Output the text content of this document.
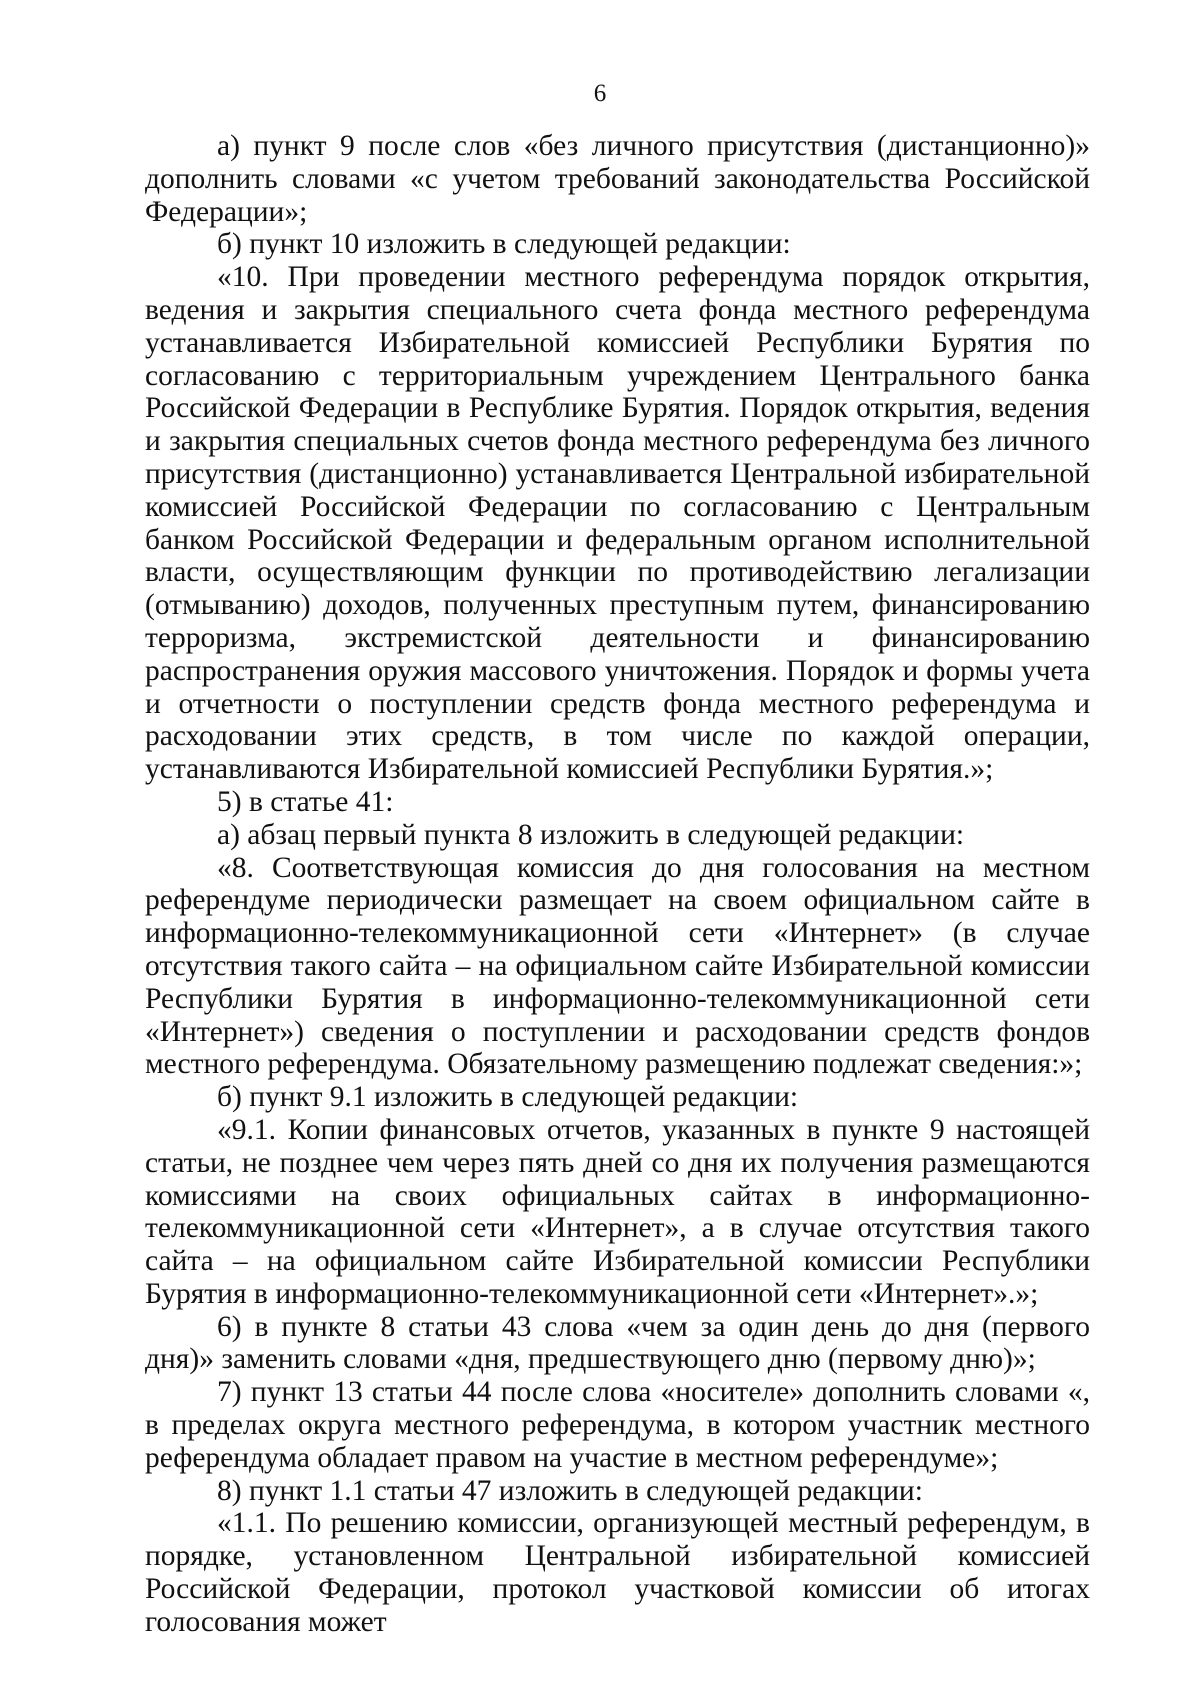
6

а) пункт 9 после слов «без личного присутствия (дистанционно)» дополнить словами «с учетом требований законодательства Российской Федерации»;

б) пункт 10 изложить в следующей редакции:

«10. При проведении местного референдума порядок открытия, ведения и закрытия специального счета фонда местного референдума устанавливается Избирательной комиссией Республики Бурятия по согласованию с территориальным учреждением Центрального банка Российской Федерации в Республике Бурятия. Порядок открытия, ведения и закрытия специальных счетов фонда местного референдума без личного присутствия (дистанционно) устанавливается Центральной избирательной комиссией Российской Федерации по согласованию с Центральным банком Российской Федерации и федеральным органом исполнительной власти, осуществляющим функции по противодействию легализации (отмыванию) доходов, полученных преступным путем, финансированию терроризма, экстремистской деятельности и финансированию распространения оружия массового уничтожения. Порядок и формы учета и отчетности о поступлении средств фонда местного референдума и расходовании этих средств, в том числе по каждой операции, устанавливаются Избирательной комиссией Республики Бурятия.»;

5) в статье 41:

а) абзац первый пункта 8 изложить в следующей редакции:

«8. Соответствующая комиссия до дня голосования на местном референдуме периодически размещает на своем официальном сайте в информационно-телекоммуникационной сети «Интернет» (в случае отсутствия такого сайта – на официальном сайте Избирательной комиссии Республики Бурятия в информационно-телекоммуникационной сети «Интернет») сведения о поступлении и расходовании средств фондов местного референдума. Обязательному размещению подлежат сведения:»;

б) пункт 9.1 изложить в следующей редакции:

«9.1. Копии финансовых отчетов, указанных в пункте 9 настоящей статьи, не позднее чем через пять дней со дня их получения размещаются комиссиями на своих официальных сайтах в информационно-телекоммуникационной сети «Интернет», а в случае отсутствия такого сайта – на официальном сайте Избирательной комиссии Республики Бурятия в информационно-телекоммуникационной сети «Интернет».»;

6) в пункте 8 статьи 43 слова «чем за один день до дня (первого дня)» заменить словами «дня, предшествующего дню (первому дню)»;

7) пункт 13 статьи 44 после слова «носителе» дополнить словами «, в пределах округа местного референдума, в котором участник местного референдума обладает правом на участие в местном референдуме»;

8) пункт 1.1 статьи 47 изложить в следующей редакции:

«1.1. По решению комиссии, организующей местный референдум, в порядке, установленном Центральной избирательной комиссией Российской Федерации, протокол участковой комиссии об итогах голосования может
